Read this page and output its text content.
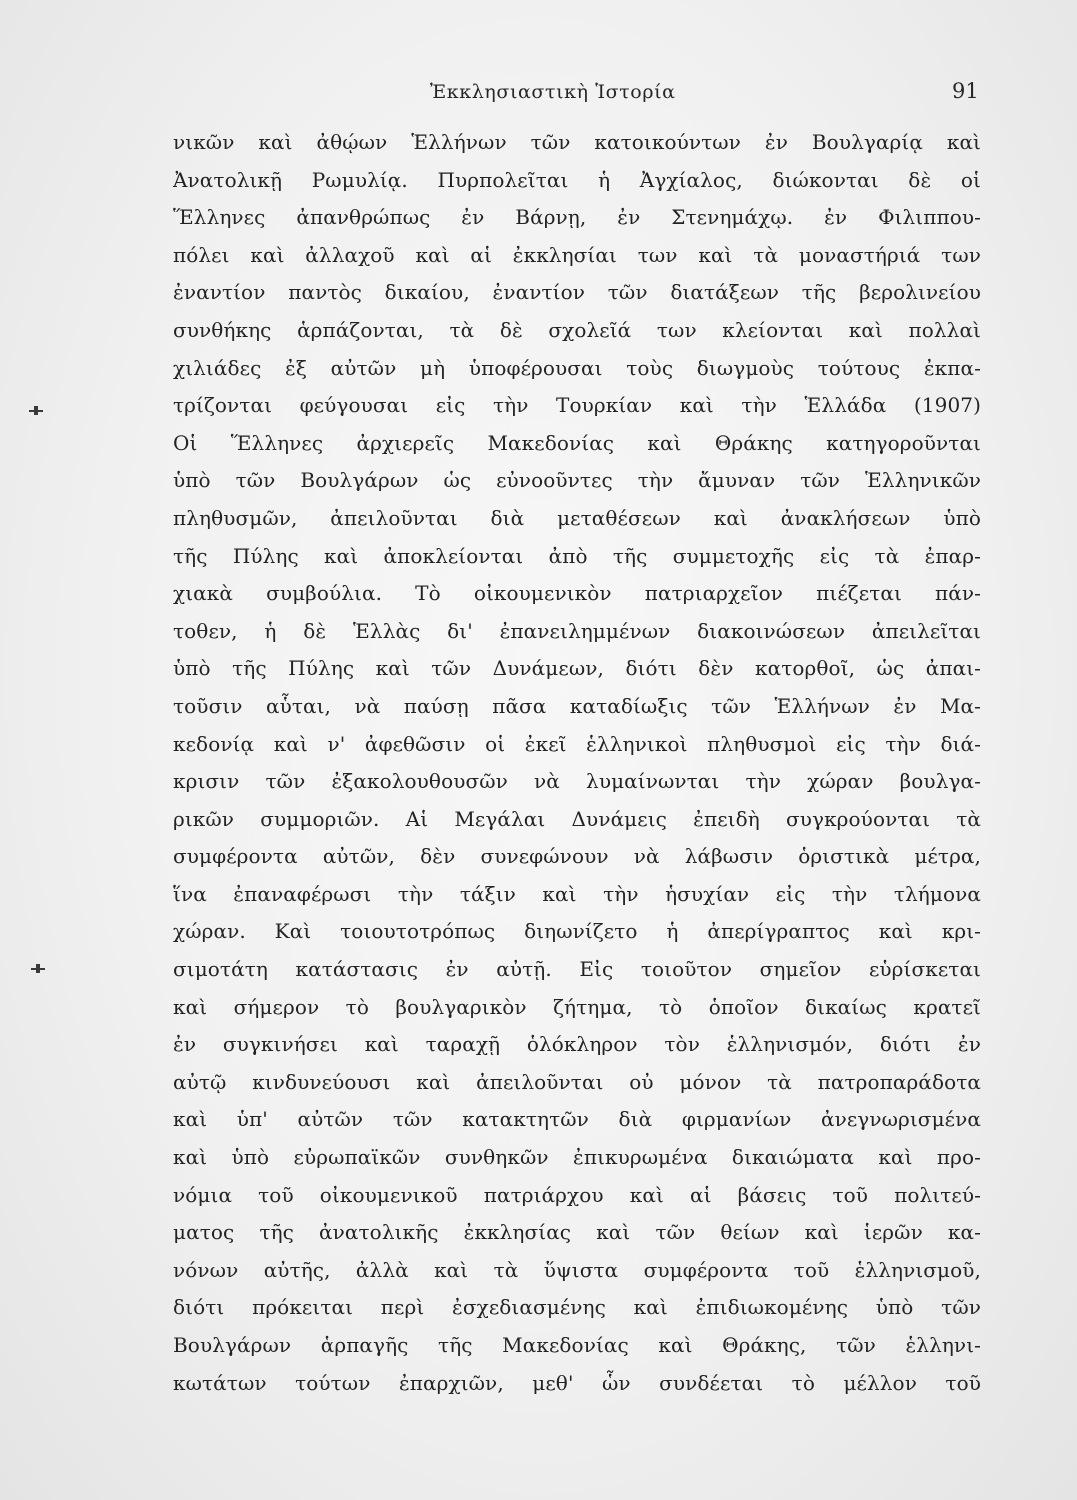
Ἐκκλησιαστικὴ Ἱστορία	91
νικῶν καὶ ἀθῴων Ἑλλήνων τῶν κατοικούντων ἐν Βουλγαρίᾳ καὶ
Ἀνατολικῇ Ρωμυλίᾳ. Πυρπολεῖται ἡ Ἀγχίαλος, διώκονται δὲ οἱ
Ἕλληνες ἀπανθρώπως ἐν Βάρνῃ, ἐν Στενημάχῳ. ἐν Φιλιππου-
πόλει καὶ ἀλλαχοῦ καὶ αἱ ἐκκλησίαι των καὶ τὰ μοναστήριά των
ἐναντίον παντὸς δικαίου, ἐναντίον τῶν διατάξεων τῆς βερολινείου
συνθήκης ἁρπάζονται, τὰ δὲ σχολεῖά των κλείονται καὶ πολλαὶ
χιλιάδες ἐξ αὐτῶν μὴ ὑποφέρουσαι τοὺς διωγμοὺς τούτους ἐκπα-
τρίζονται φεύγουσαι εἰς τὴν Τουρκίαν καὶ τὴν Ἑλλάδα (1907)
Οἱ Ἕλληνες ἀρχιερεῖς Μακεδονίας καὶ Θράκης κατηγοροῦνται
ὑπὸ τῶν Βουλγάρων ὡς εὐνοοῦντες τὴν ἄμυναν τῶν Ἑλληνικῶν
πληθυσμῶν, ἀπειλοῦνται διὰ μεταθέσεων καὶ ἀνακλήσεων ὑπὸ
τῆς Πύλης καὶ ἀποκλείονται ἀπὸ τῆς συμμετοχῆς εἰς τὰ ἐπαρ-
χιακὰ συμβούλια. Τὸ οἰκουμενικὸν πατριαρχεῖον πιέζεται πάν-
τοθεν, ἡ δὲ Ἑλλὰς δι' ἐπανειλημμένων διακοινώσεων ἀπειλεῖται
ὑπὸ τῆς Πύλης καὶ τῶν Δυνάμεων, διότι δὲν κατορθοῖ, ὡς ἀπαι-
τοῦσιν αὗται, νὰ παύσῃ πᾶσα καταδίωξις τῶν Ἑλλήνων ἐν Μα-
κεδονίᾳ καὶ ν' ἀφεθῶσιν οἱ ἐκεῖ ἑλληνικοὶ πληθυσμοὶ εἰς τὴν διά-
κρισιν τῶν ἐξακολουθουσῶν νὰ λυμαίνωνται τὴν χώραν βουλγα-
ρικῶν συμμοριῶν. Αἱ Μεγάλαι Δυνάμεις ἐπειδὴ συγκρούονται τὰ
συμφέροντα αὐτῶν, δὲν συνεφώνουν νὰ λάβωσιν ὁριστικὰ μέτρα,
ἵνα ἐπαναφέρωσι τὴν τάξιν καὶ τὴν ἡσυχίαν εἰς τὴν τλήμονα
χώραν. Καὶ τοιουτοτρόπως διηωνίζετο ἡ ἀπερίγραπτος καὶ κρι-
σιμοτάτη κατάστασις ἐν αὐτῇ. Εἰς τοιοῦτον σημεῖον εὑρίσκεται
καὶ σήμερον τὸ βουλγαρικὸν ζήτημα, τὸ ὁποῖον δικαίως κρατεῖ
ἐν συγκινήσει καὶ ταραχῇ ὁλόκληρον τὸν ἑλληνισμόν, διότι ἐν
αὐτῷ κινδυνεύουσι καὶ ἀπειλοῦνται οὐ μόνον τὰ πατροπαράδοτα
καὶ ὑπ' αὐτῶν τῶν κατακτητῶν διὰ φιρμανίων ἀνεγνωρισμένα
καὶ ὑπὸ εὐρωπαϊκῶν συνθηκῶν ἐπικυρωμένα δικαιώματα καὶ προ-
νόμια τοῦ οἰκουμενικοῦ πατριάρχου καὶ αἱ βάσεις τοῦ πολιτεύ-
ματος τῆς ἀνατολικῆς ἐκκλησίας καὶ τῶν θείων καὶ ἱερῶν κα-
νόνων αὐτῆς, ἀλλὰ καὶ τὰ ὕψιστα συμφέροντα τοῦ ἑλληνισμοῦ,
διότι πρόκειται περὶ ἐσχεδιασμένης καὶ ἐπιδιωκομένης ὑπὸ τῶν
Βουλγάρων ἁρπαγῆς τῆς Μακεδονίας καὶ Θράκης, τῶν ἑλληνι-
κωτάτων τούτων ἐπαρχιῶν, μεθ' ὧν συνδέεται τὸ μέλλον τοῦ
